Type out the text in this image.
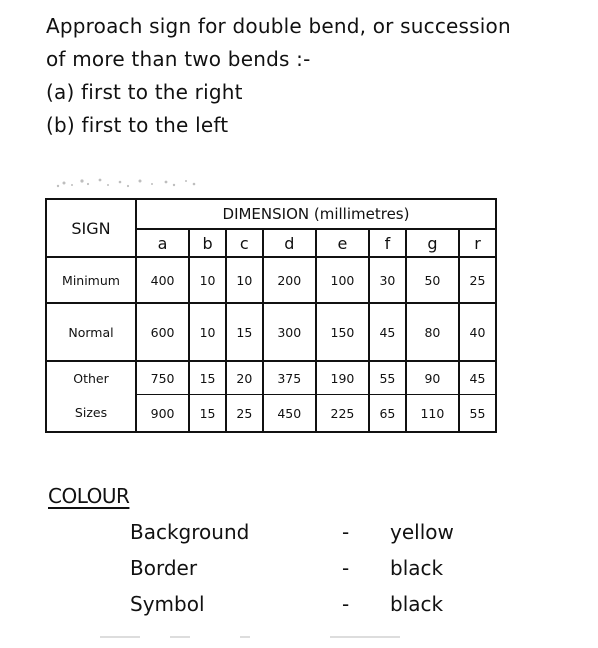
Approach sign for double bend, or succession
of more than two bends :-
(a) first to the right
(b) first to the left
SIGN	DIMENSION (millimetres)							
	a	b	c	d	e	f	g	r
Minimum	400	10	10	200	100	30	50	25
Normal	600	10	15	300	150	45	80	40
Other	750	15	20	375	190	55	90	45
Sizes	900	15	25	450	225	65	110	55
COLOUR
Background	- yellow
Border	- black
Symbol	- black
